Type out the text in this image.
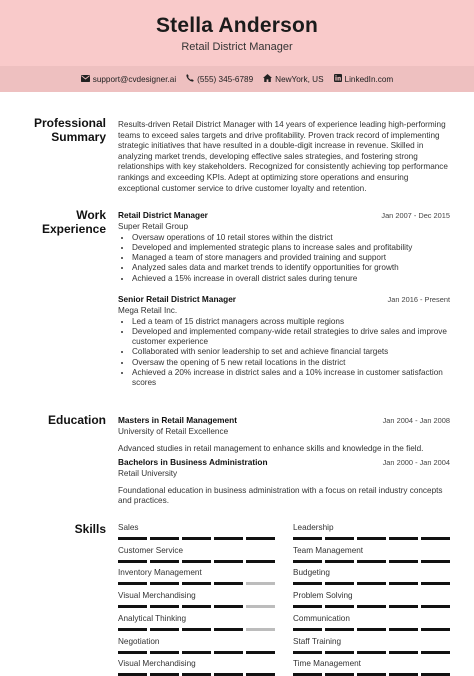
Stella Anderson
Retail District Manager
support@cvdesigner.ai	(555) 345-6789	NewYork, US	LinkedIn.com
Professional
Summary
Results-driven Retail District Manager with 14 years of experience leading high-performing teams to exceed sales targets and drive profitability. Proven track record of implementing strategic initiatives that have resulted in a double-digit increase in revenue. Skilled in analyzing market trends, developing effective sales strategies, and fostering strong relationships with key stakeholders. Recognized for consistently achieving top performance rankings and exceeding KPIs. Adept at optimizing store operations and ensuring exceptional customer service to drive customer loyalty and retention.
Work
Experience
Retail District Manager	Jan 2007 - Dec 2015
Super Retail Group
• Oversaw operations of 10 retail stores within the district
• Developed and implemented strategic plans to increase sales and profitability
• Managed a team of store managers and provided training and support
• Analyzed sales data and market trends to identify opportunities for growth
• Achieved a 15% increase in overall district sales during tenure
Senior Retail District Manager	Jan 2016 - Present
Mega Retail Inc.
• Led a team of 15 district managers across multiple regions
• Developed and implemented company-wide retail strategies to drive sales and improve customer experience
• Collaborated with senior leadership to set and achieve financial targets
• Oversaw the opening of 5 new retail locations in the district
• Achieved a 20% increase in district sales and a 10% increase in customer satisfaction scores
Education Masters in Retail Management	Jan 2004 - Jan 2008
University of Retail Excellence
Advanced studies in retail management to enhance skills and knowledge in the field.
Bachelors in Business Administration	Jan 2000 - Jan 2004
Retail University
Foundational education in business administration with a focus on retail industry concepts and practices.
Skills Sales	Leadership
Customer Service	Team Management
Inventory Management	Budgeting
Visual Merchandising	Problem Solving
Analytical Thinking	Communication
Negotiation	Staff Training
Visual Merchandising	Time Management
